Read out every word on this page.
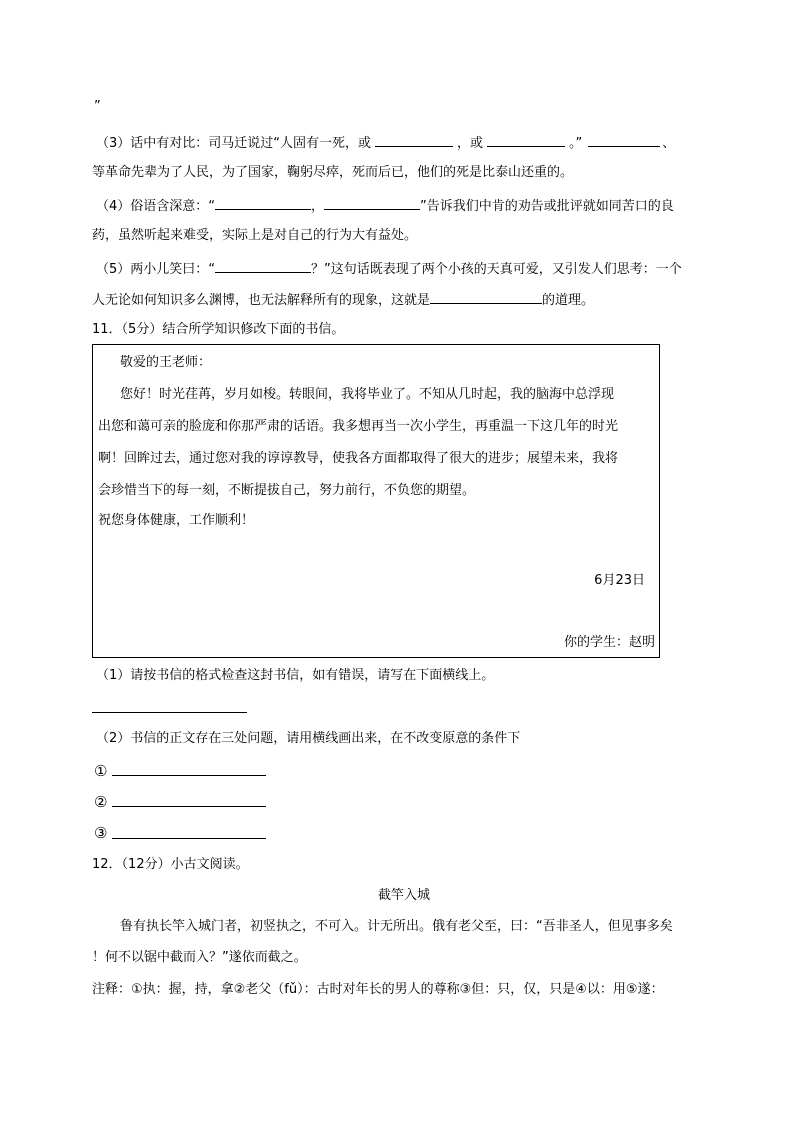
”
（3）话中有对比：司马迁说过“人固有一死，或	，或	。”	、
等革命先辈为了人民，为了国家，鞠躬尽瘁，死而后已，他们的死是比泰山还重的。
（4）俗语含深意：“	，	”告诉我们中肯的劝告或批评就如同苦口的良
药，虽然听起来难受，实际上是对自己的行为大有益处。
（5）两小儿笑曰：“	？”这句话既表现了两个小孩的天真可爱，又引发人们思考：一个
人无论如何知识多么渊博，也无法解释所有的现象，这就是	的道理。
11．（5分）结合所学知识修改下面的书信。
敬爱的王老师：
您好！时光荏苒，岁月如梭。转眼间，我将毕业了。不知从几时起，我的脑海中总浮现
出您和蔼可亲的脸庞和你那严肃的话语。我多想再当一次小学生，再重温一下这几年的时光
啊！回眸过去，通过您对我的谆谆教导，使我各方面都取得了很大的进步；展望未来，我将
会珍惜当下的每一刻，不断提拔自己，努力前行，不负您的期望。
祝您身体健康，工作顺利！
6月23日
你的学生：赵明
（1）请按书信的格式检查这封书信，如有错误，请写在下面横线上。
（2）书信的正文存在三处问题，请用横线画出来，在不改变原意的条件下
①
②
③
12．（12分）小古文阅读。
截竿入城
鲁有执长竿入城门者，初竖执之，不可入。计无所出。俄有老父至，曰：“吾非圣人，但见事多矣
！何不以锯中截而入？”遂依而截之。
注释：①执：握，持，拿②老父（fǔ）：古时对年长的男人的尊称③但：只，仅，只是④以：用⑤遂：
